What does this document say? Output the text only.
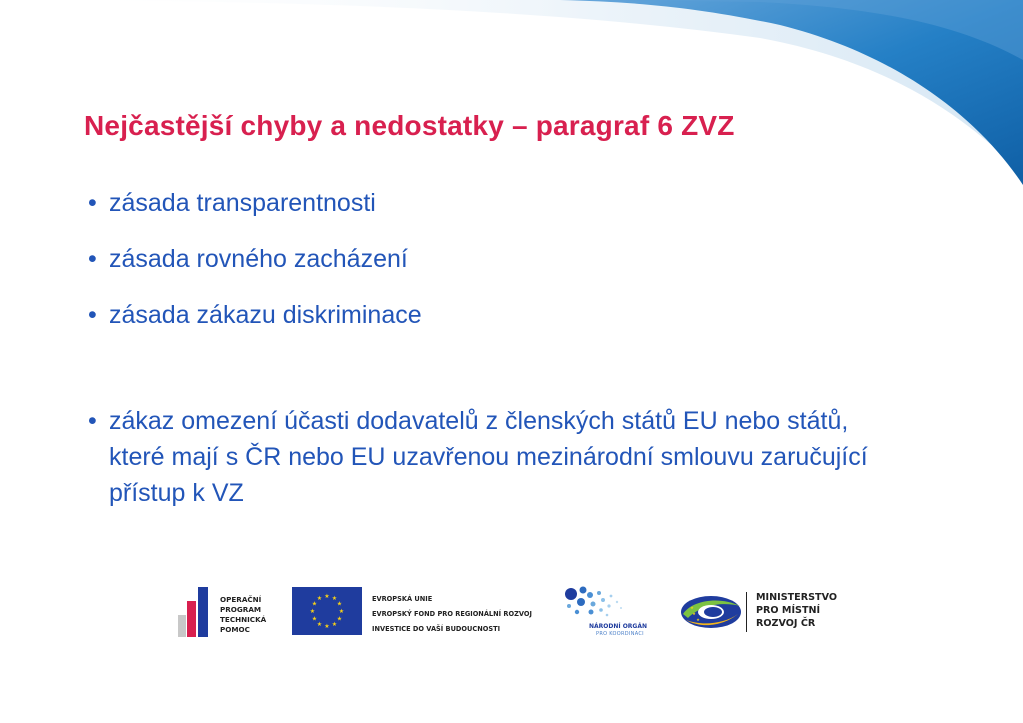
Nejčastější chyby a nedostatky – paragraf 6 ZVZ
• zásada transparentnosti
• zásada rovného zacházení
• zásada zákazu diskriminace
• zákaz omezení účasti dodavatelů z členských států EU nebo států, které mají s ČR nebo EU uzavřenou mezinárodní smlouvu zaručující přístup k VZ
OPERAČNÍ
PROGRAM
TECHNICKÁ
POMOC
★ ★
★
★
★
★
★
★
★
★
★
★	EVROPSKÁ UNIE
EVROPSKÝ FOND PRO REGIONÁLNÍ ROZVOJ
INVESTICE DO VAŠÍ BUDOUCNOSTI	NÁRODNÍ ORGÁN
PRO KOORDINACI
★
★
★
MINISTERSTVO
PRO MÍSTNÍ
ROZVOJ ČR
